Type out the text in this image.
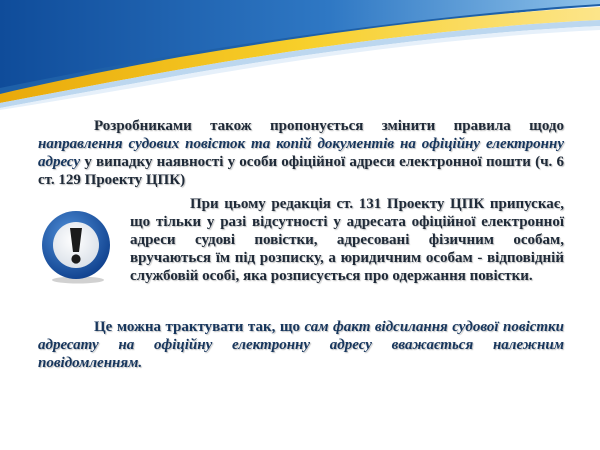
Розробниками також пропонується змінити правила щодо направлення судових повісток та копій документів на офіційну електронну адресу у випадку наявності у особи офіційної адреси електронної пошти (ч. 6 ст. 129 Проекту ЦПК)
При цьому редакція ст. 131 Проекту ЦПК припускає, що тільки у разі відсутності у адресата офіційної електронної адреси судові повістки, адресовані фізичним особам, вручаються їм під розписку, а юридичним особам - відповідній службовій особі, яка розписується про одержання повістки.
Це можна трактувати так, що сам факт відсилання судової повістки адресату на офіційну електронну адресу вважається належним повідомленням.
